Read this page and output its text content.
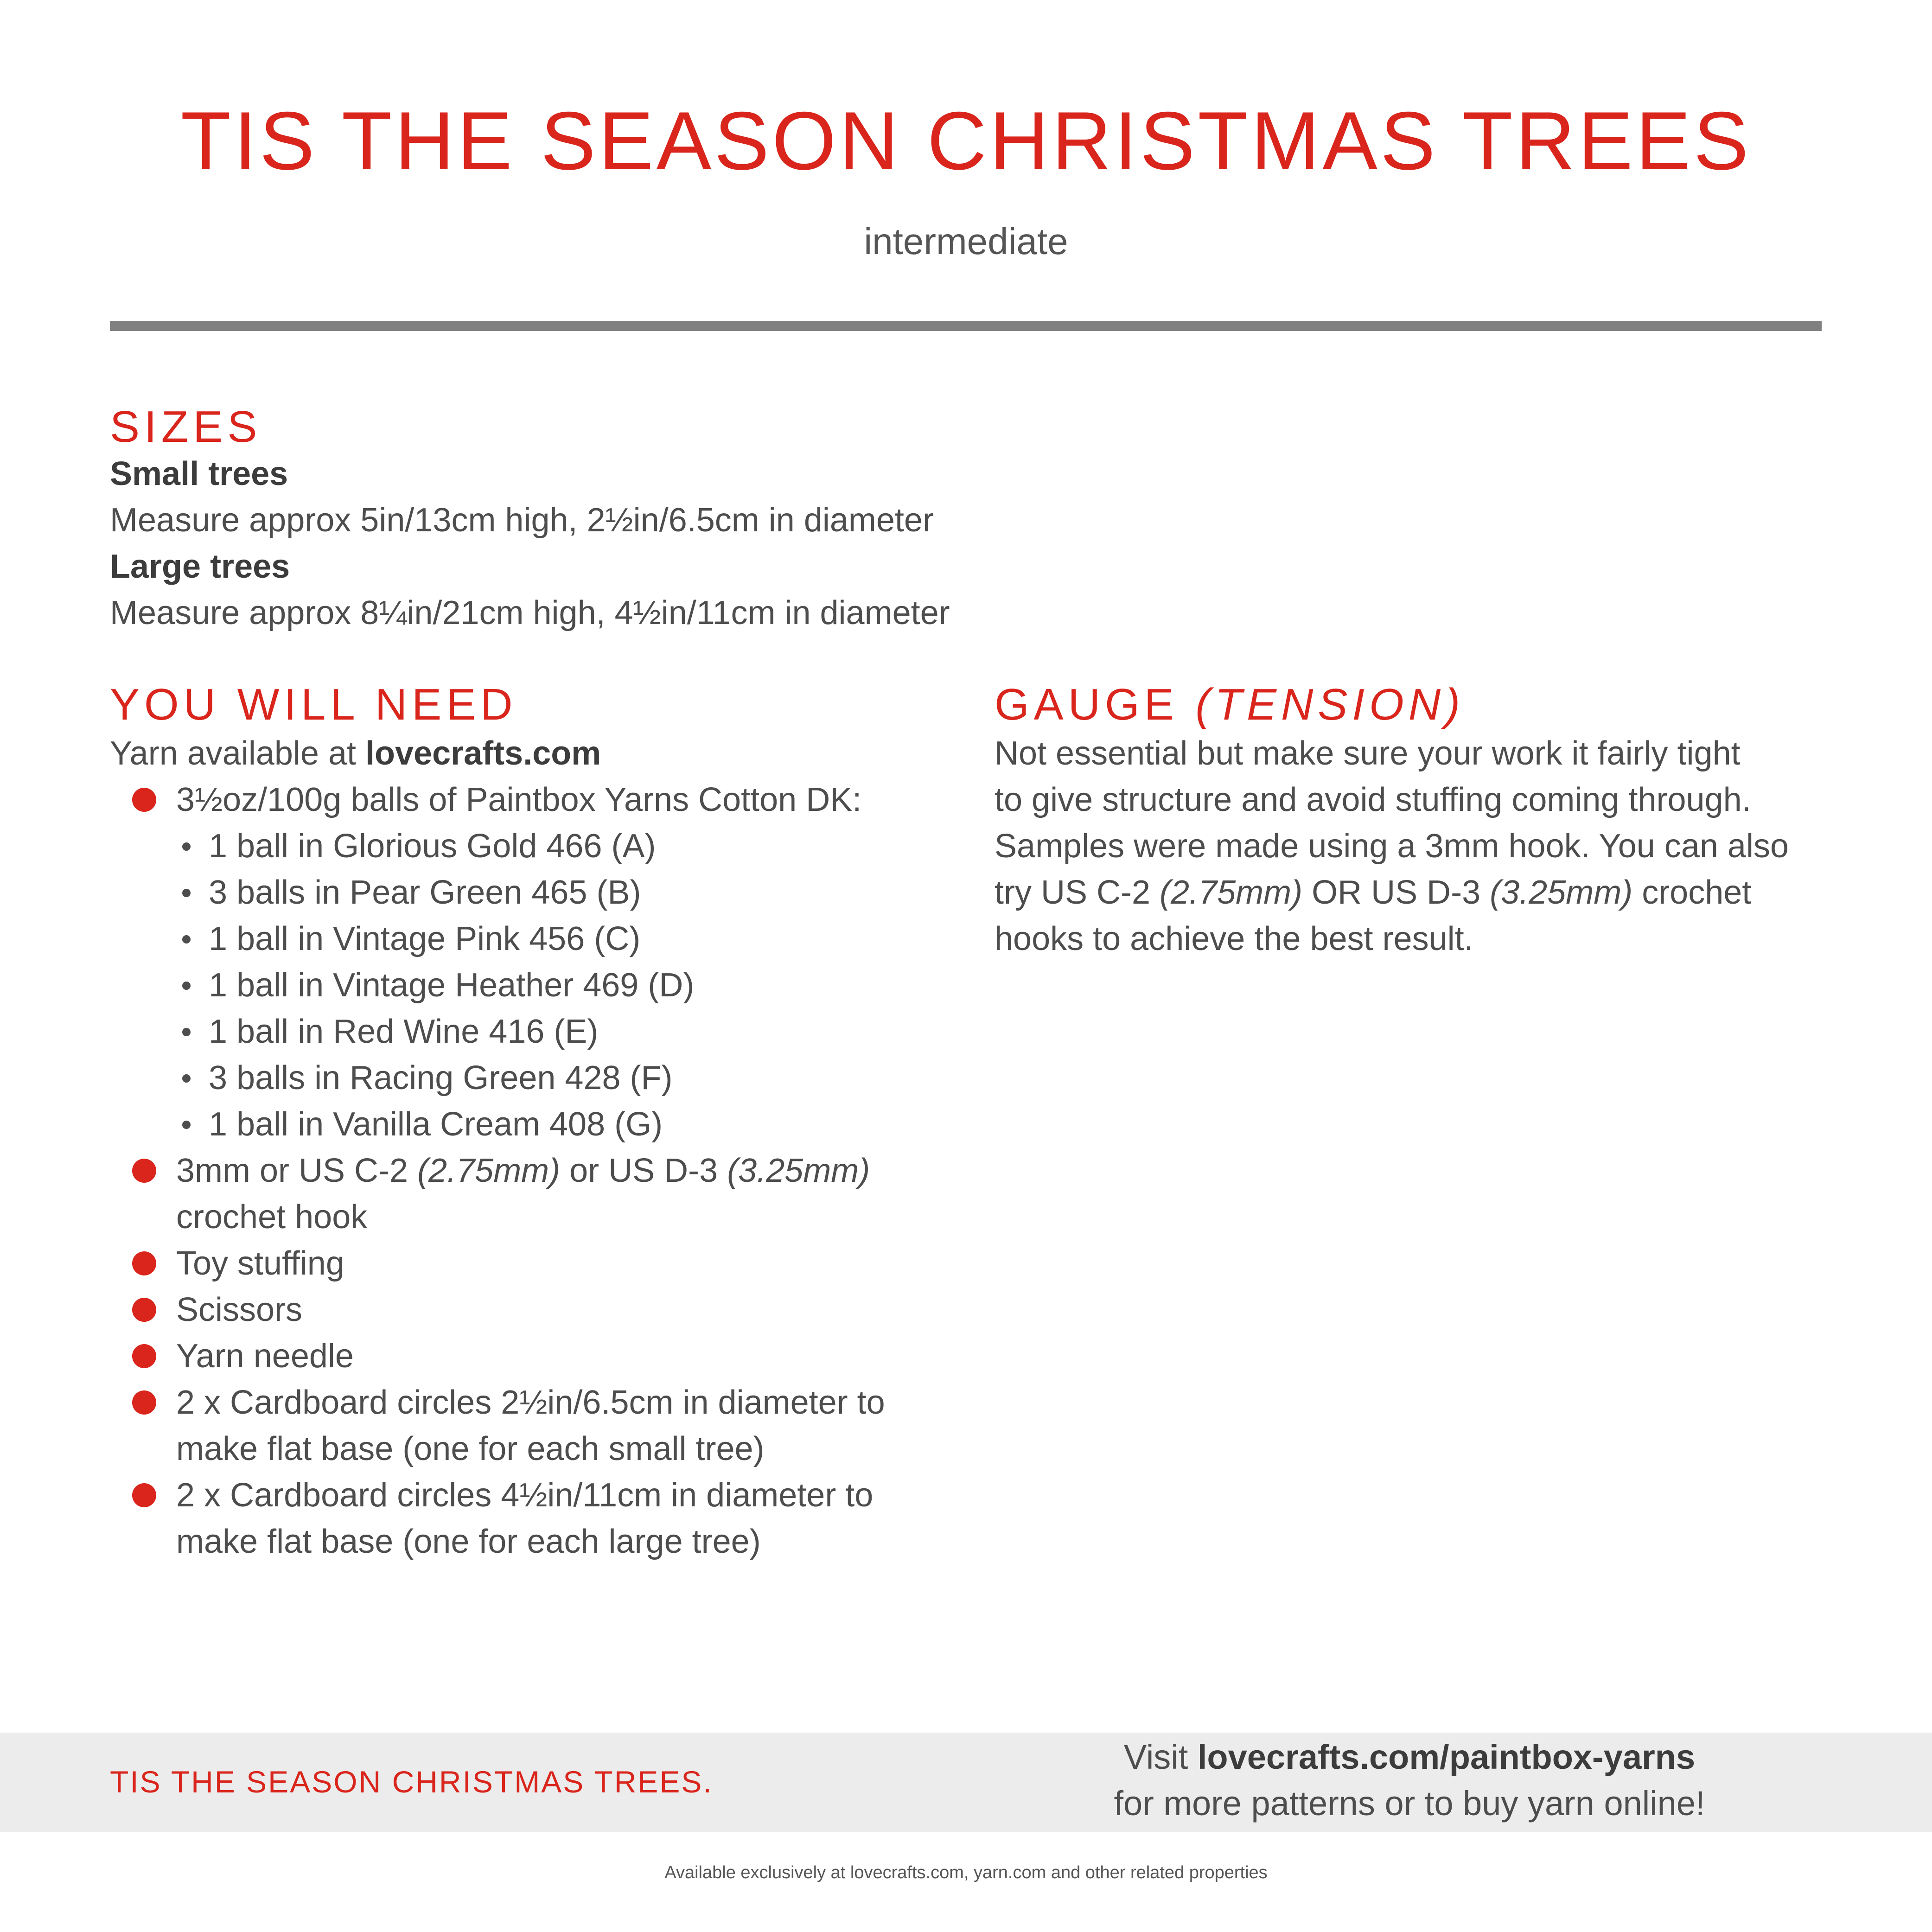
TIS THE SEASON CHRISTMAS TREES
intermediate
SIZES
Small trees
Measure approx 5in/13cm high, 2½in/6.5cm in diameter
Large trees
Measure approx 8¼in/21cm high, 4½in/11cm in diameter
YOU WILL NEED
Yarn available at lovecrafts.com
3½oz/100g balls of Paintbox Yarns Cotton DK:
1 ball in Glorious Gold 466 (A)
3 balls in Pear Green 465 (B)
1 ball in Vintage Pink 456 (C)
1 ball in Vintage Heather 469 (D)
1 ball in Red Wine 416 (E)
3 balls in Racing Green 428 (F)
1 ball in Vanilla Cream 408 (G)
3mm or US C-2 (2.75mm) or US D-3 (3.25mm)
crochet hook
Toy stuffing
Scissors
Yarn needle
2 x Cardboard circles 2½in/6.5cm in diameter to
make flat base (one for each small tree)
2 x Cardboard circles 4½in/11cm in diameter to
make flat base (one for each large tree)
GAUGE (TENSION)
Not essential but make sure your work it fairly tight
to give structure and avoid stuffing coming through.
Samples were made using a 3mm hook. You can also
try US C-2 (2.75mm) OR US D-3 (3.25mm) crochet
hooks to achieve the best result.
TIS THE SEASON CHRISTMAS TREES.
Visit lovecrafts.com/paintbox-yarns
for more patterns or to buy yarn online!
Available exclusively at lovecrafts.com, yarn.com and other related properties
